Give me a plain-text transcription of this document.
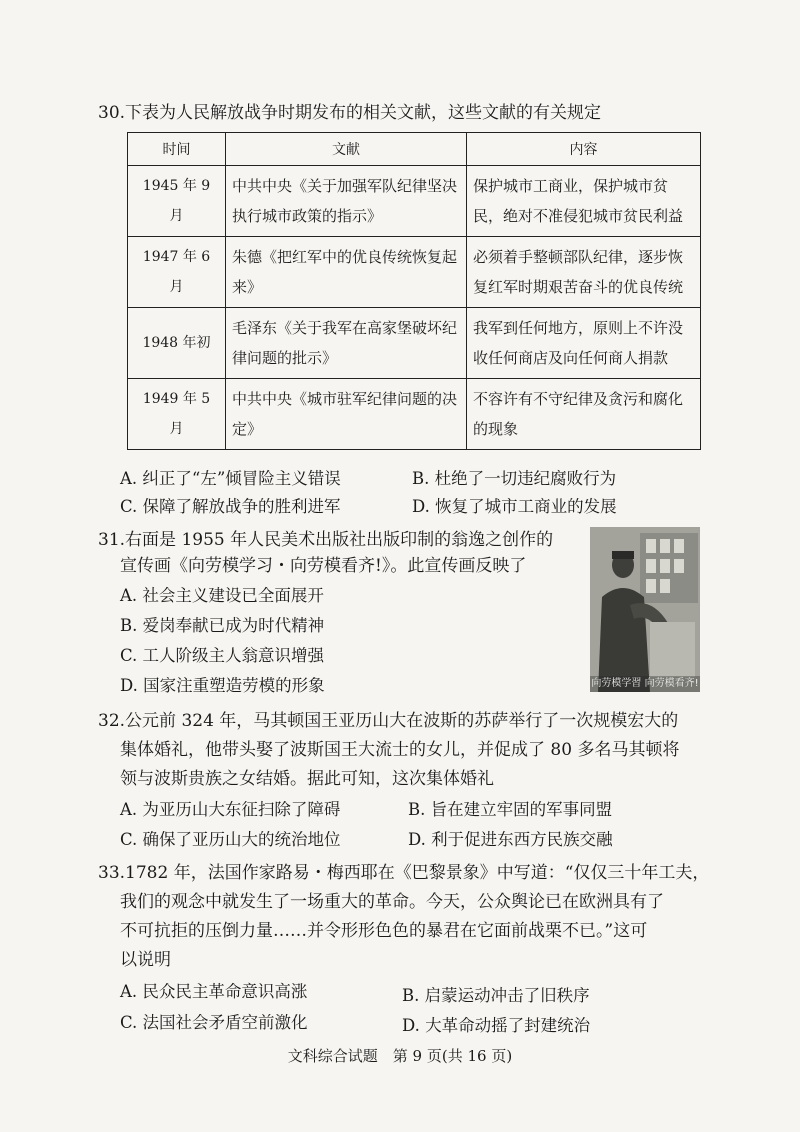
30.下表为人民解放战争时期发布的相关文献，这些文献的有关规定
时间	文献	内容
1945 年 9 月	中共中央《关于加强军队纪律坚决执行城市政策的指示》	保护城市工商业，保护城市贫民，绝对不准侵犯城市贫民利益
1947 年 6 月	朱德《把红军中的优良传统恢复起来》	必须着手整顿部队纪律，逐步恢复红军时期艰苦奋斗的优良传统
1948 年初	毛泽东《关于我军在高家堡破坏纪律问题的批示》	我军到任何地方，原则上不许没收任何商店及向任何商人捐款
1949 年 5 月	中共中央《城市驻军纪律问题的决定》	不容许有不守纪律及贪污和腐化的现象
A. 纠正了“左”倾冒险主义错误	B. 杜绝了一切违纪腐败行为
C. 保障了解放战争的胜利进军	D. 恢复了城市工商业的发展
31.右面是 1955 年人民美术出版社出版印制的翁逸之创作的
宣传画《向劳模学习・向劳模看齐!》。此宣传画反映了
A. 社会主义建设已全面展开
B. 爱岗奉献已成为时代精神
C. 工人阶级主人翁意识增强
D. 国家注重塑造劳模的形象	向劳模学習 向劳模看齐!
32.公元前 324 年，马其顿国王亚历山大在波斯的苏萨举行了一次规模宏大的
集体婚礼，他带头娶了波斯国王大流士的女儿，并促成了 80 多名马其顿将
领与波斯贵族之女结婚。据此可知，这次集体婚礼
A. 为亚历山大东征扫除了障碍	B. 旨在建立牢固的军事同盟
C. 确保了亚历山大的统治地位	D. 利于促进东西方民族交融
33.1782 年，法国作家路易・梅西耶在《巴黎景象》中写道：“仅仅三十年工夫，
我们的观念中就发生了一场重大的革命。今天，公众舆论已在欧洲具有了
不可抗拒的压倒力量……并令形形色色的暴君在它面前战栗不已。”这可
以说明
A. 民众民主革命意识高涨	B. 启蒙运动冲击了旧秩序
C. 法国社会矛盾空前激化	D. 大革命动摇了封建统治
文科综合试题　第 9 页(共 16 页)
